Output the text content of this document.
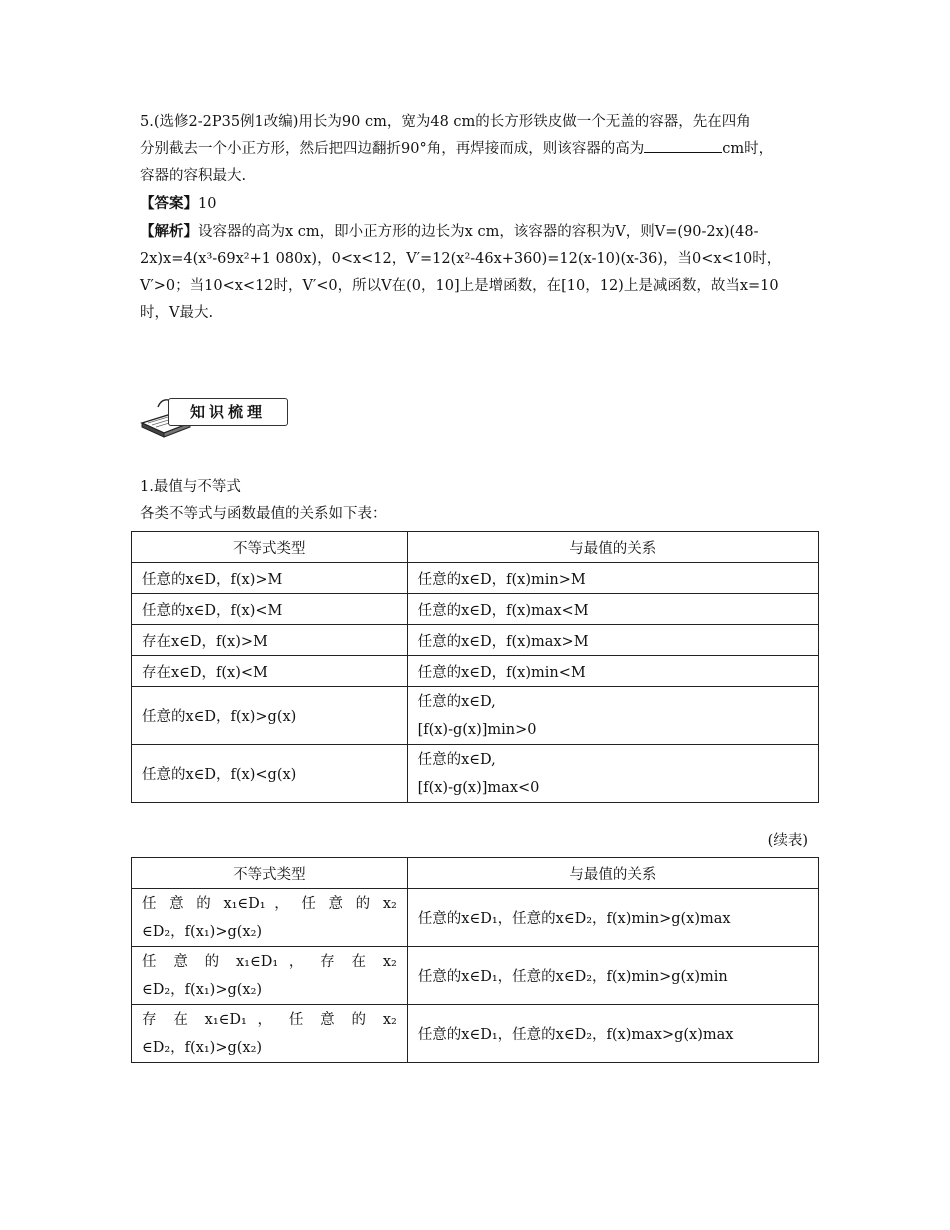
5.(选修2-2P35例1改编)用长为90 cm，宽为48 cm的长方形铁皮做一个无盖的容器，先在四角
分别截去一个小正方形，然后把四边翻折90°角，再焊接而成，则该容器的高为	cm时，
容器的容积最大.
【答案】10
【解析】设容器的高为x cm，即小正方形的边长为x cm，该容器的容积为V，则V=(90-2x)(48-
2x)x=4(x³-69x²+1 080x)，0<x<12，V′=12(x²-46x+360)=12(x-10)(x-36)，当0<x<10时，
V′>0；当10<x<12时，V′<0，所以V在(0，10]上是增函数，在[10，12)上是减函数，故当x=10
时，V最大.
知识梳理
1.最值与不等式
各类不等式与函数最值的关系如下表：
不等式类型	与最值的关系
任意的x∈D，f(x)>M	任意的x∈D，f(x)min>M
任意的x∈D，f(x)<M	任意的x∈D，f(x)max<M
存在x∈D，f(x)>M	任意的x∈D，f(x)max>M
存在x∈D，f(x)<M	任意的x∈D，f(x)min<M
任意的x∈D，f(x)>g(x)	任意的x∈D,
[f(x)-g(x)]min>0

任意的x∈D，f(x)<g(x)	任意的x∈D,
[f(x)-g(x)]max<0
(续表)
不等式类型	与最值的关系

任 意 的 x₁∈D₁ ， 任 意 的 x₂
∈D₂，f(x₁)>g(x₂)	任意的x∈D₁，任意的x∈D₂，f(x)min>g(x)max

任 意 的 x₁∈D₁ ， 存 在 x₂
∈D₂，f(x₁)>g(x₂)	任意的x∈D₁，任意的x∈D₂，f(x)min>g(x)min

存 在 x₁∈D₁ ， 任 意 的 x₂
∈D₂，f(x₁)>g(x₂)	任意的x∈D₁，任意的x∈D₂，f(x)max>g(x)max
